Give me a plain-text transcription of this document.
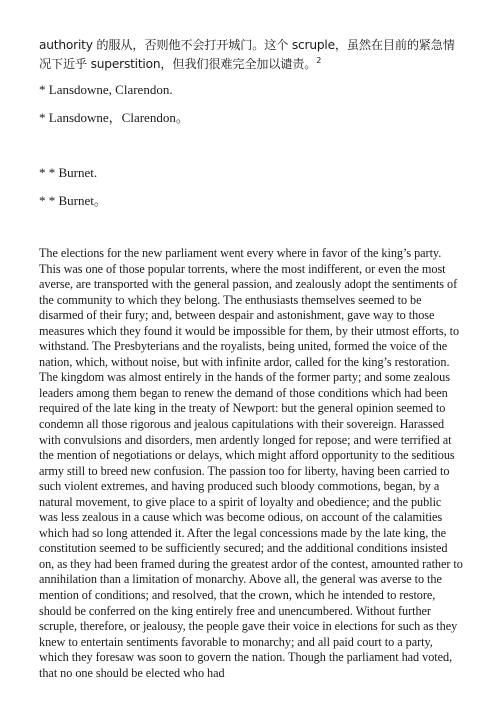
authority 的服从，否则他不会打开城门。这个 scruple，虽然在目前的紧急情况下近乎 superstition，但我们很难完全加以谴责。$^2$

* Lansdowne, Clarendon.
* Lansdowne，Clarendon。
* * Burnet.
* * Burnet。

The elections for the new parliament went every where in favor of the king’s party. This was one of those popular torrents, where the most indifferent, or even the most averse, are transported with the general passion, and zealously adopt the sentiments of the community to which they belong. The enthusiasts themselves seemed to be disarmed of their fury; and, between despair and astonishment, gave way to those measures which they found it would be impossible for them, by their utmost efforts, to withstand. The Presbyterians and the royalists, being united, formed the voice of the nation, which, without noise, but with infinite ardor, called for the king’s restoration. The kingdom was almost entirely in the hands of the former party; and some zealous leaders among them began to renew the demand of those conditions which had been required of the late king in the treaty of Newport: but the general opinion seemed to condemn all those rigorous and jealous capitulations with their sovereign. Harassed with convulsions and disorders, men ardently longed for repose; and were terrified at the mention of negotiations or delays, which might afford opportunity to the seditious army still to breed new confusion. The passion too for liberty, having been carried to such violent extremes, and having produced such bloody commotions, began, by a natural movement, to give place to a spirit of loyalty and obedience; and the public was less zealous in a cause which was become odious, on account of the calamities which had so long attended it. After the legal concessions made by the late king, the constitution seemed to be sufficiently secured; and the additional conditions insisted on, as they had been framed during the greatest ardor of the contest, amounted rather to annihilation than a limitation of monarchy. Above all, the general was averse to the mention of conditions; and resolved, that the crown, which he intended to restore, should be conferred on the king entirely free and unencumbered. Without further scruple, therefore, or jealousy, the people gave their voice in elections for such as they knew to entertain sentiments favorable to monarchy; and all paid court to a party, which they foresaw was soon to govern the nation. Though the parliament had voted, that no one should be elected who had
